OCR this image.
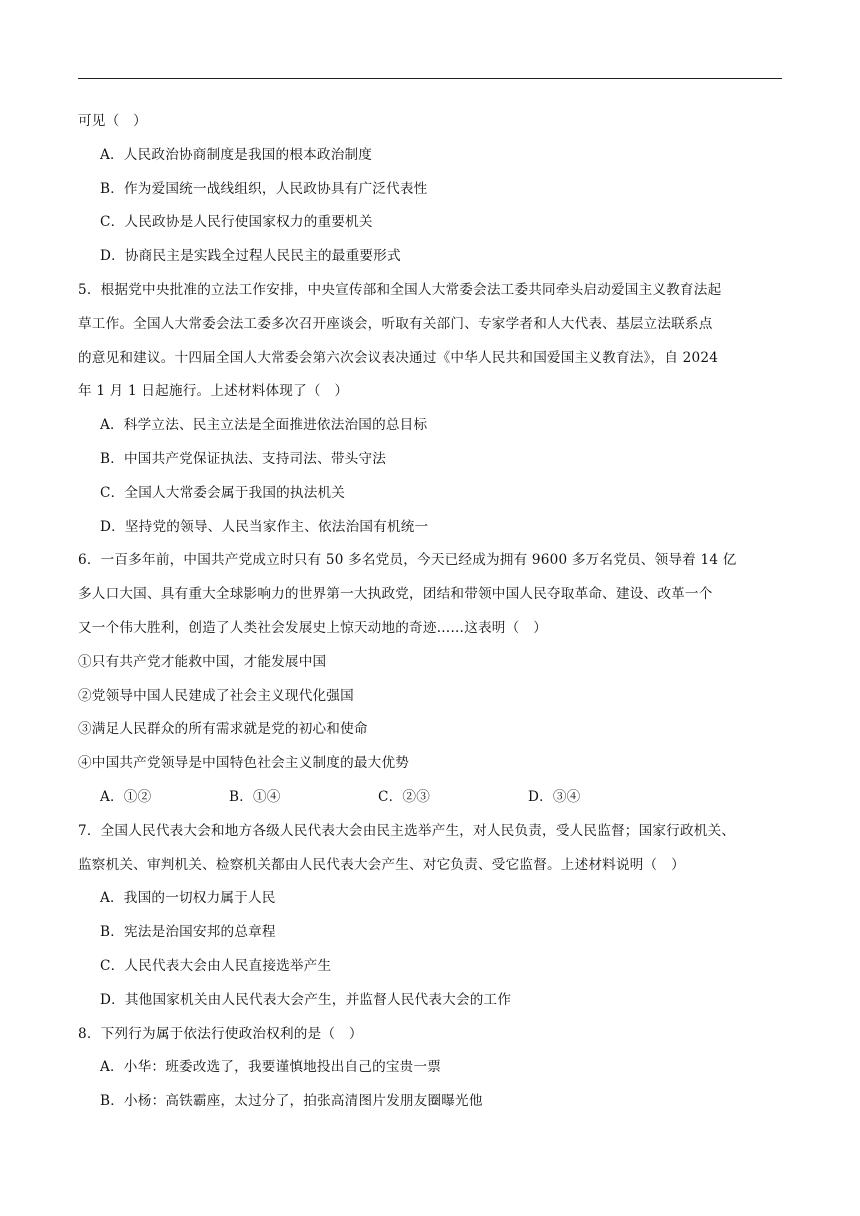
可见（　）
A．人民政治协商制度是我国的根本政治制度
B．作为爱国统一战线组织，人民政协具有广泛代表性
C．人民政协是人民行使国家权力的重要机关
D．协商民主是实践全过程人民民主的最重要形式
5．根据党中央批准的立法工作安排，中央宣传部和全国人大常委会法工委共同牵头启动爱国主义教育法起
草工作。全国人大常委会法工委多次召开座谈会，听取有关部门、专家学者和人大代表、基层立法联系点
的意见和建议。十四届全国人大常委会第六次会议表决通过《中华人民共和国爱国主义教育法》，自 2024
年 1 月 1 日起施行。上述材料体现了（　）
A．科学立法、民主立法是全面推进依法治国的总目标
B．中国共产党保证执法、支持司法、带头守法
C．全国人大常委会属于我国的执法机关
D．坚持党的领导、人民当家作主、依法治国有机统一
6．一百多年前，中国共产党成立时只有 50 多名党员，今天已经成为拥有 9600 多万名党员、领导着 14 亿
多人口大国、具有重大全球影响力的世界第一大执政党，团结和带领中国人民夺取革命、建设、改革一个
又一个伟大胜利，创造了人类社会发展史上惊天动地的奇迹……这表明（　）
①只有共产党才能救中国，才能发展中国
②党领导中国人民建成了社会主义现代化强国
③满足人民群众的所有需求就是党的初心和使命
④中国共产党领导是中国特色社会主义制度的最大优势
A．①②	B．①④	C．②③	D．③④
7．全国人民代表大会和地方各级人民代表大会由民主选举产生，对人民负责，受人民监督；国家行政机关、
监察机关、审判机关、检察机关都由人民代表大会产生、对它负责、受它监督。上述材料说明（　）
A．我国的一切权力属于人民
B．宪法是治国安邦的总章程
C．人民代表大会由人民直接选举产生
D．其他国家机关由人民代表大会产生，并监督人民代表大会的工作
8．下列行为属于依法行使政治权利的是（　）
A．小华：班委改选了，我要谨慎地投出自己的宝贵一票
B．小杨：高铁霸座，太过分了，拍张高清图片发朋友圈曝光他
